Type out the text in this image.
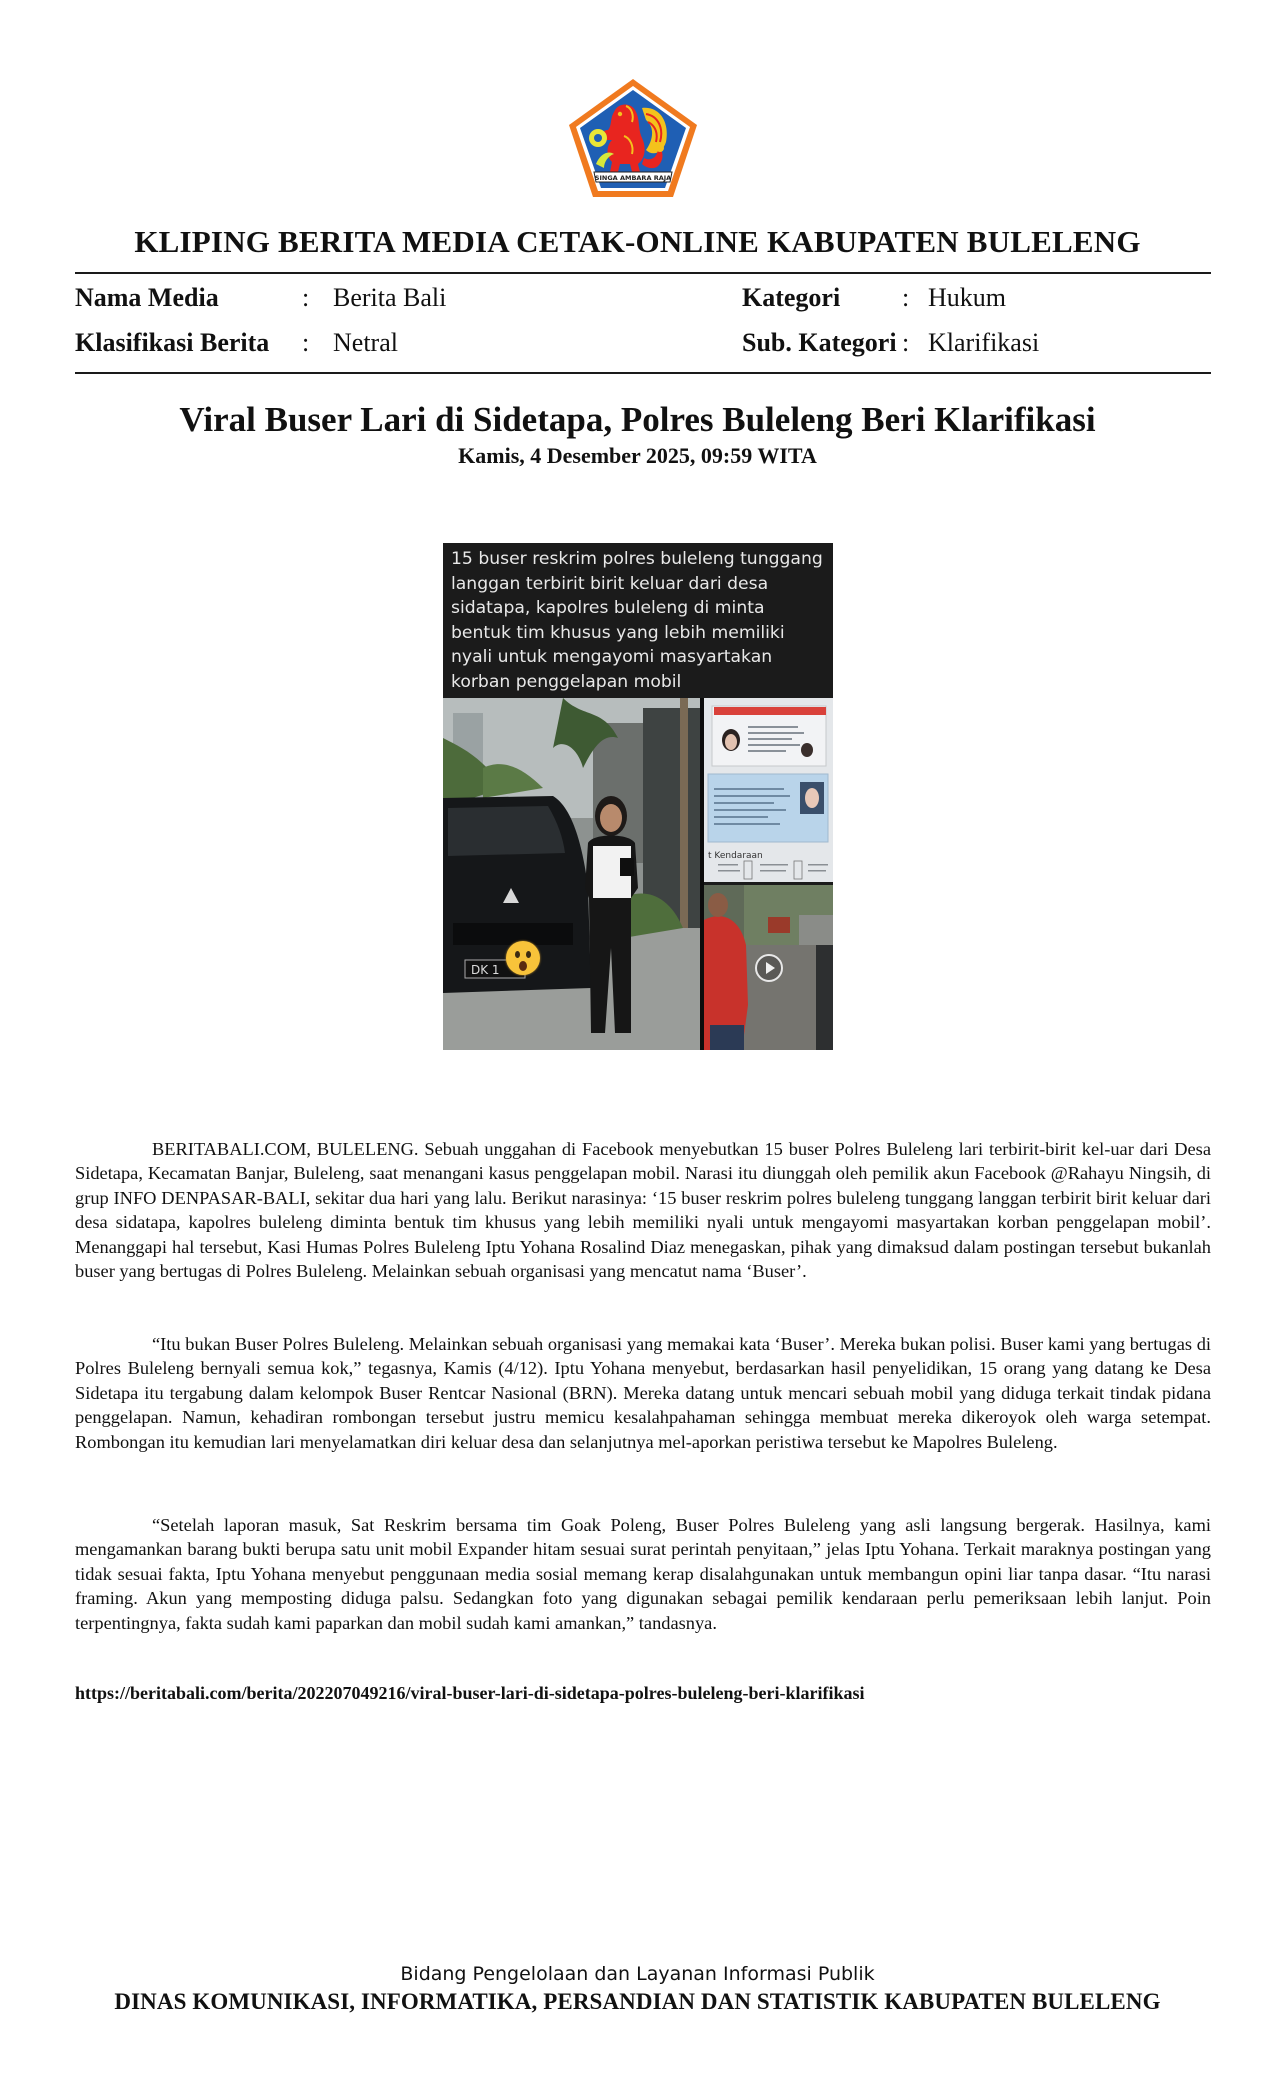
SINGA AMBARA RAJA
KLIPING BERITA MEDIA CETAK-ONLINE KABUPATEN BULELENG
Nama Media	: Berita Bali	Kategori : Hukum
Klasifikasi Berita : Netral	Sub. Kategori : Klarifikasi
Viral Buser Lari di Sidetapa, Polres Buleleng Beri Klarifikasi
Kamis, 4 Desember 2025, 09:59 WITA
15 buser reskrim polres buleleng tunggang langgan terbirit birit keluar dari desa sidatapa, kapolres buleleng di minta bentuk tim khusus yang lebih memiliki nyali untuk mengayomi masyartakan korban penggelapan mobil
DK 1
t Kendaraan

BERITABALI.COM, BULELENG. Sebuah unggahan di Facebook menyebutkan 15 buser Polres Buleleng lari terbirit-birit kel-uar dari Desa Sidetapa, Kecamatan Banjar, Buleleng, saat menangani kasus penggelapan mobil. Narasi itu diunggah oleh pemilik akun Facebook @Rahayu Ningsih, di grup INFO DENPASAR-BALI, sekitar dua hari yang lalu. Berikut narasinya: ‘15 buser reskrim polres buleleng tunggang langgan terbirit birit keluar dari desa sidatapa, kapolres buleleng diminta bentuk tim khusus yang lebih memiliki nyali untuk mengayomi masyartakan korban penggelapan mobil’. Menanggapi hal tersebut, Kasi Humas Polres Buleleng Iptu Yohana Rosalind Diaz menegaskan, pihak yang dimaksud dalam postingan tersebut bukanlah buser yang bertugas di Polres Buleleng. Melainkan sebuah organisasi yang mencatut nama ‘Buser’.

“Itu bukan Buser Polres Buleleng. Melainkan sebuah organisasi yang memakai kata ‘Buser’. Mereka bukan polisi. Buser kami yang bertugas di Polres Buleleng bernyali semua kok,” tegasnya, Kamis (4/12). Iptu Yohana menyebut, berdasarkan hasil penyelidikan, 15 orang yang datang ke Desa Sidetapa itu tergabung dalam kelompok Buser Rentcar Nasional (BRN). Mereka datang untuk mencari sebuah mobil yang diduga terkait tindak pidana penggelapan. Namun, kehadiran rombongan tersebut justru memicu kesalahpahaman sehingga membuat mereka dikeroyok oleh warga setempat. Rombongan itu kemudian lari menyelamatkan diri keluar desa dan selanjutnya mel-aporkan peristiwa tersebut ke Mapolres Buleleng.

“Setelah laporan masuk, Sat Reskrim bersama tim Goak Poleng, Buser Polres Buleleng yang asli langsung bergerak. Hasilnya, kami mengamankan barang bukti berupa satu unit mobil Expander hitam sesuai surat perintah penyitaan,” jelas Iptu Yohana. Terkait maraknya postingan yang tidak sesuai fakta, Iptu Yohana menyebut penggunaan media sosial memang kerap disalahgunakan untuk membangun opini liar tanpa dasar. “Itu narasi framing. Akun yang memposting diduga palsu. Sedangkan foto yang digunakan sebagai pemilik kendaraan perlu pemeriksaan lebih lanjut. Poin terpentingnya, fakta sudah kami paparkan dan mobil sudah kami amankan,” tandasnya.

https://beritabali.com/berita/202207049216/viral-buser-lari-di-sidetapa-polres-buleleng-beri-klarifikasi
Bidang Pengelolaan dan Layanan Informasi Publik
DINAS KOMUNIKASI, INFORMATIKA, PERSANDIAN DAN STATISTIK KABUPATEN BULELENG
